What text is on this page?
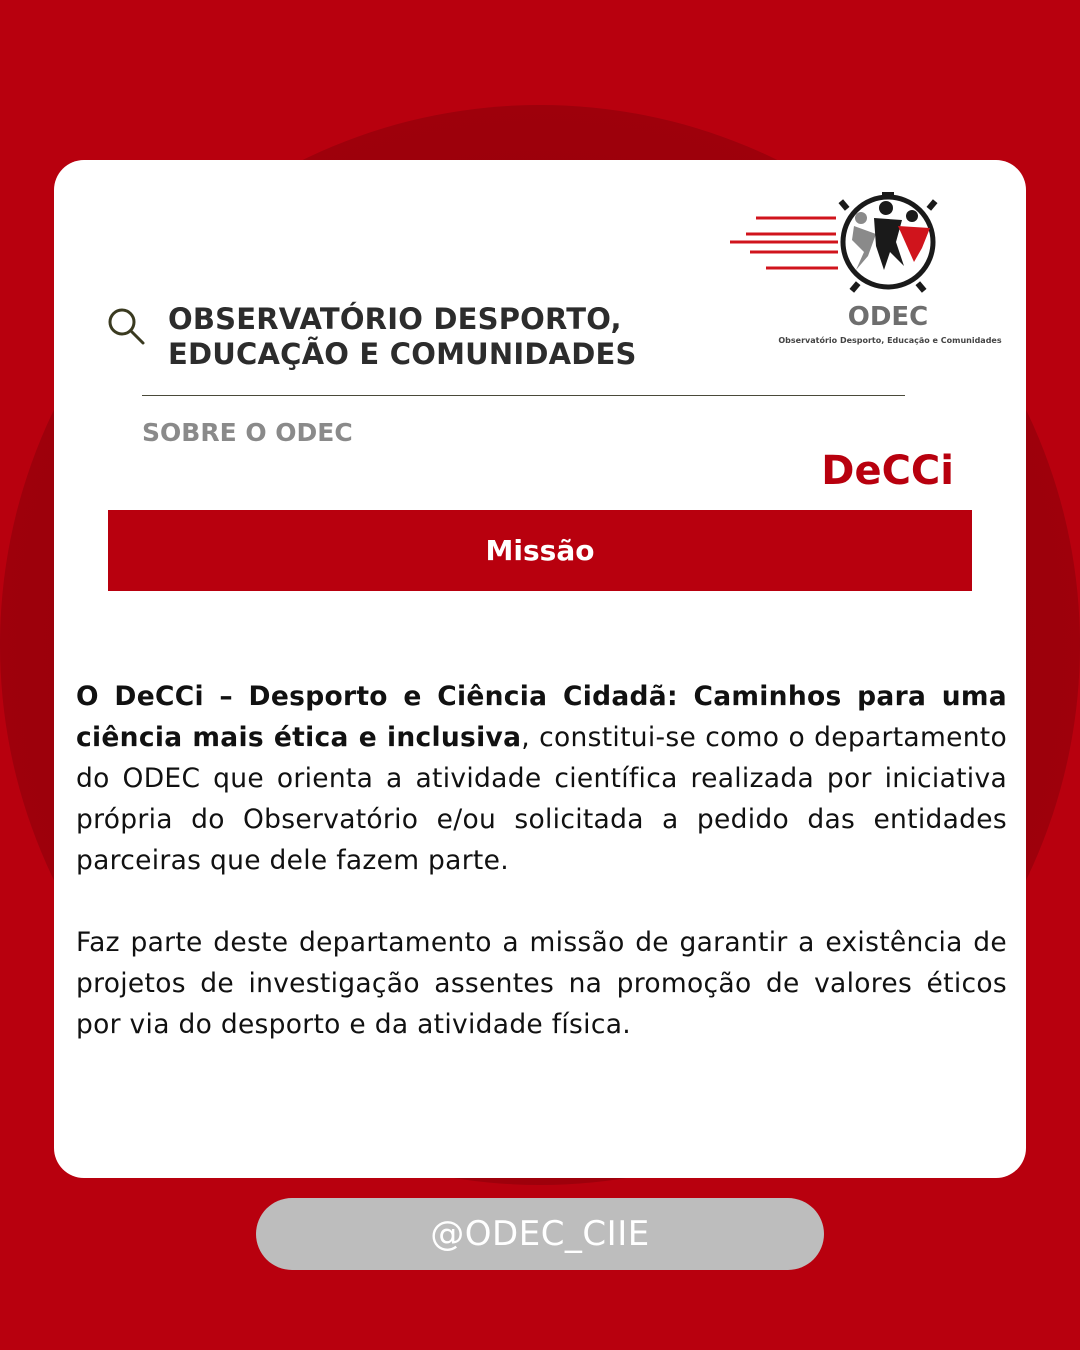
OBSERVATÓRIO DESPORTO,
EDUCAÇÃO E COMUNIDADES
SOBRE O ODEC
ODEC
Observatório Desporto, Educação e Comunidades
DeCCi
Missão

O DeCCi – Desporto e Ciência Cidadã: Caminhos para uma ciência mais ética e inclusiva, constitui-se como o departamento do ODEC que orienta a atividade científica realizada por iniciativa própria do Observatório e/ou solicitada a pedido das entidades parceiras que dele fazem parte.

Faz parte deste departamento a missão de garantir a existência de projetos de investigação assentes na promoção de valores éticos por via do desporto e da atividade física.

@ODEC_CIIE
